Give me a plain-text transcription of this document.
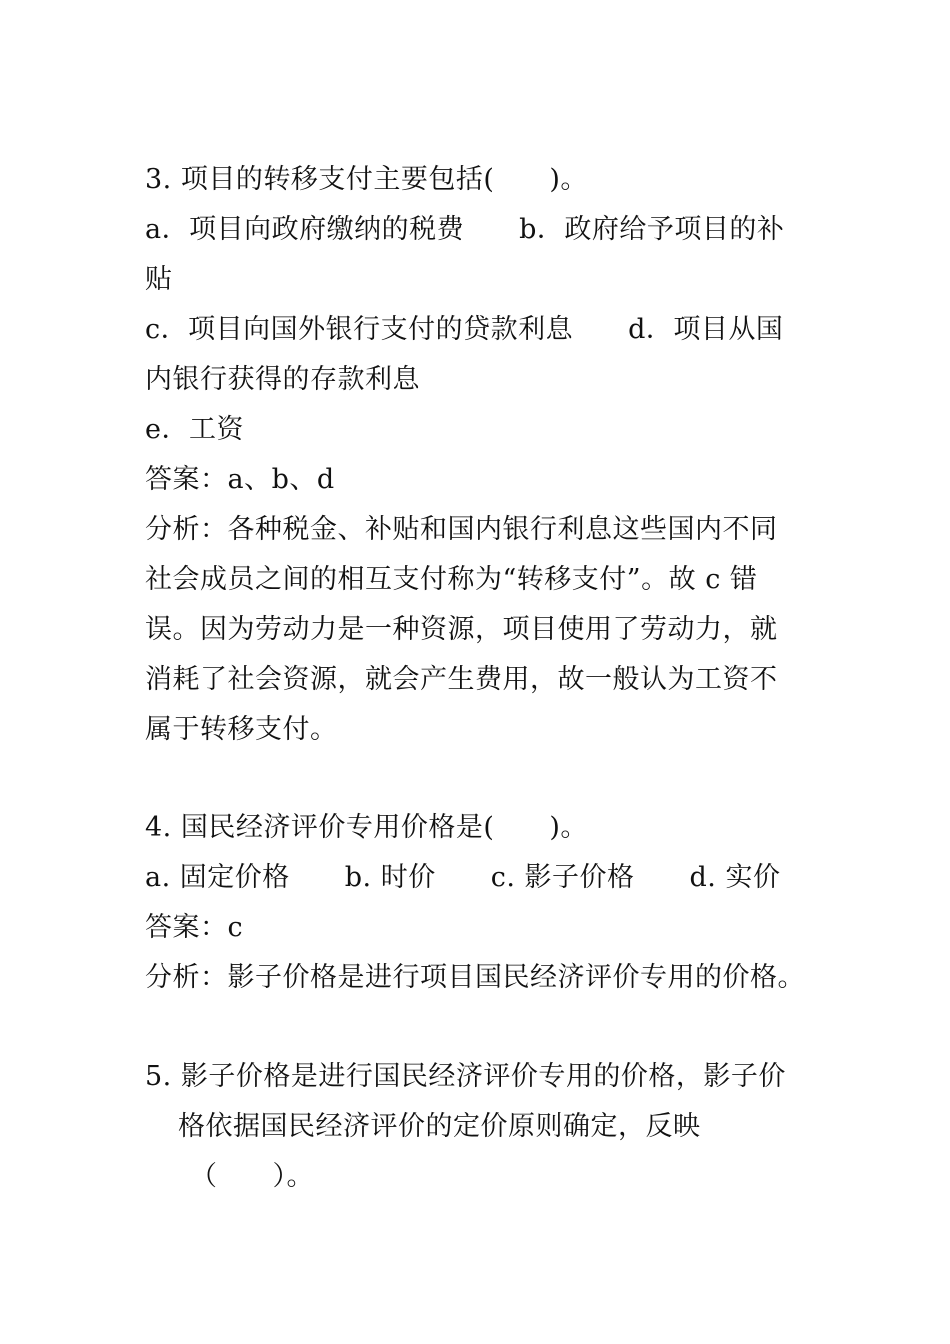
3. 项目的转移支付主要包括(　　)。
a．项目向政府缴纳的税费　　b．政府给予项目的补
贴
c．项目向国外银行支付的贷款利息　　d．项目从国
内银行获得的存款利息
e．工资
答案：a、b、d
分析：各种税金、补贴和国内银行利息这些国内不同
社会成员之间的相互支付称为“转移支付”。故 c 错
误。因为劳动力是一种资源，项目使用了劳动力，就
消耗了社会资源，就会产生费用，故一般认为工资不
属于转移支付。
4. 国民经济评价专用价格是(　　)。
a. 固定价格　　b. 时价　　c. 影子价格　　d. 实价
答案：c
分析：影子价格是进行项目国民经济评价专用的价格。
5. 影子价格是进行国民经济评价专用的价格，影子价
格依据国民经济评价的定价原则确定，反映
（　　）。
